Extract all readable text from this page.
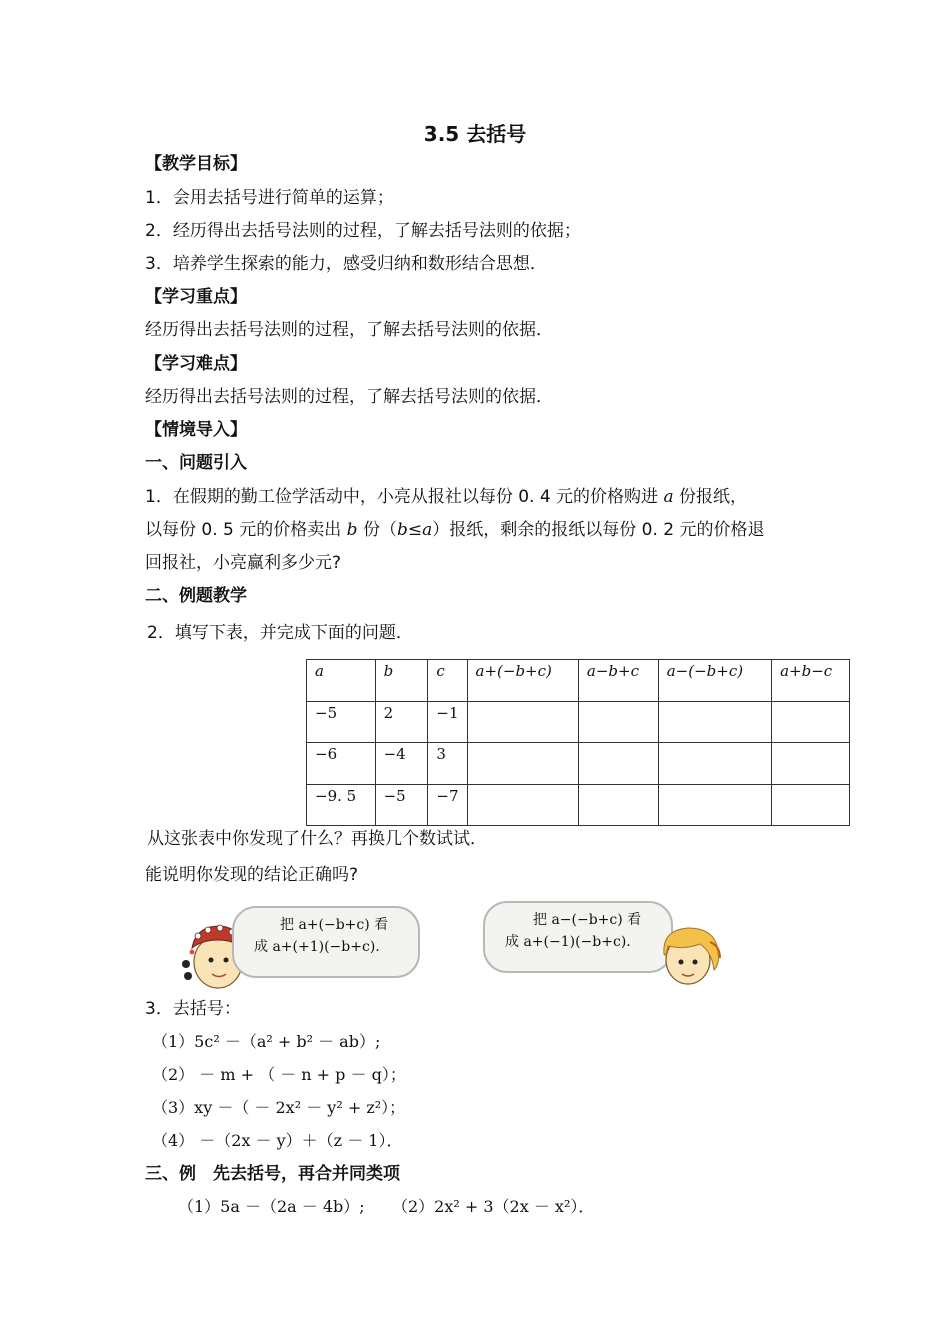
3.5 去括号
【教学目标】
1．会用去括号进行简单的运算；
2．经历得出去括号法则的过程，了解去括号法则的依据；
3．培养学生探索的能力，感受归纳和数形结合思想．
【学习重点】
经历得出去括号法则的过程，了解去括号法则的依据．
【学习难点】
经历得出去括号法则的过程，了解去括号法则的依据．
【情境导入】
一、问题引入
1．在假期的勤工俭学活动中，小亮从报社以每份 0. 4 元的价格购进 a 份报纸，
以每份 0. 5 元的价格卖出 b 份（b≤a）报纸，剩余的报纸以每份 0. 2 元的价格退
回报社，小亮赢利多少元?
二、例题教学
2．填写下表，并完成下面的问题．
a	b	c	a+(−b+c)	a−b+c	a−(−b+c)	a+b−c
−5	2	−1				
−6	−4	3				
−9. 5	−5	−7				
从这张表中你发现了什么？再换几个数试试．
能说明你发现的结论正确吗?
把 a+(−b+c) 看
成 a+(+1)(−b+c).
把 a−(−b+c) 看
成 a+(−1)(−b+c).
3．去括号：
（1）5c² －（a² + b² － ab）;
（2） － m + （ － n + p － q）；
（3）xy －（ － 2x² － y² + z²）；
（4） －（2x － y）＋（z － 1）．
三、例　先去括号，再合并同类项
（1）5a －（2a － 4b）; （2）2x² + 3（2x － x²）．
